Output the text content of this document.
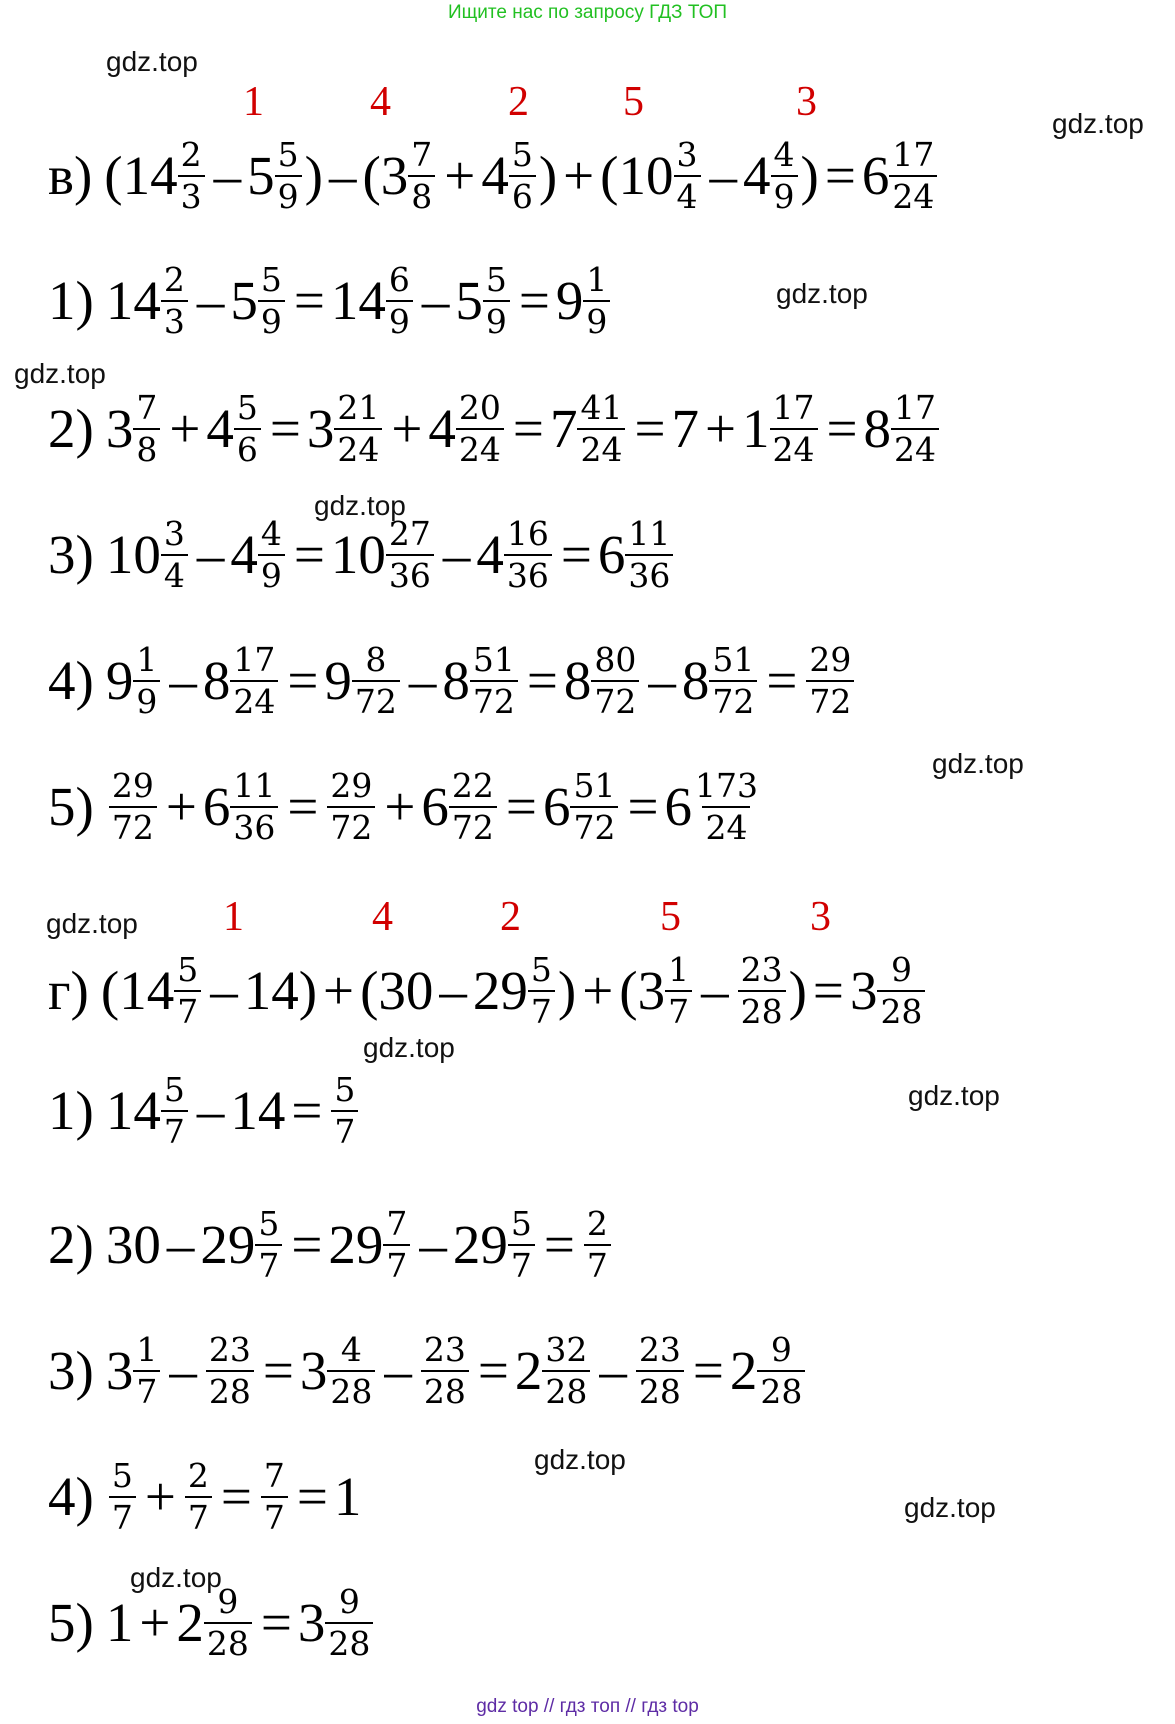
Ищите нас по запросу ГДЗ ТОП
gdz.top
gdz.top
gdz.top
gdz.top
gdz.top
gdz.top
gdz.top
gdz.top
gdz.top
gdz.top
gdz.top
gdz.top
1	4	2 5	3
1	4	2	5	3
в) ( $14 \frac{2}{3} - 5 \frac{5}{9}$ ) – ( $3 \frac{7}{8} + 4 \frac{5}{6}$ ) + ( $10 \frac{3}{4} - 4 \frac{4}{9}$ ) = $6 \frac{17}{24}$
1) $14 \frac{2}{3} - 5 \frac{5}{9} = 14 \frac{6}{9} - 5 \frac{5}{9} = 9 \frac{1}{9}$
2) $3 \frac{7}{8} + 4 \frac{5}{6} = 3 \frac{21}{24} + 4 \frac{20}{24} = 7 \frac{41}{24} = 7 + 1 \frac{17}{24} = 8 \frac{17}{24}$
3) $10 \frac{3}{4} - 4 \frac{4}{9} = 10 \frac{27}{36} - 4 \frac{16}{36} = 6 \frac{11}{36}$
4) $9 \frac{1}{9} - 8 \frac{17}{24} = 9 \frac{8}{72} - 8 \frac{51}{72} = 8 \frac{80}{72} - 8 \frac{51}{72} = \frac{29}{72}$
$5) \frac{29}{72} + 6 \frac{11}{36} = \frac{29}{72} + 6 \frac{22}{72} = 6 \frac{51}{72} = 6 \frac{173}{24}$
г) ( $14 \frac{5}{7} - 14) + (30 - 29 \frac{5}{7}$ ) + ( $3 \frac{1}{7} - \frac{23}{28}$ ) = $3 \frac{9}{28}$
1) $14 \frac{5}{7} - 14 = \frac{5}{7}$
2) $30 - 29 \frac{5}{7} = 29 \frac{7}{7} - 29 \frac{5}{7} = \frac{2}{7}$
3) $3 \frac{1}{7} - \frac{23}{28} = 3 \frac{4}{28} - \frac{23}{28} = 2 \frac{32}{28} - \frac{23}{28} = 2 \frac{9}{28}$
$4) \frac{5}{7} + \frac{2}{7} = \frac{7}{7} = 1$
5) $1 + 2 \frac{9}{28} = 3 \frac{9}{28}$
gdz top // гдз топ // гдз top
